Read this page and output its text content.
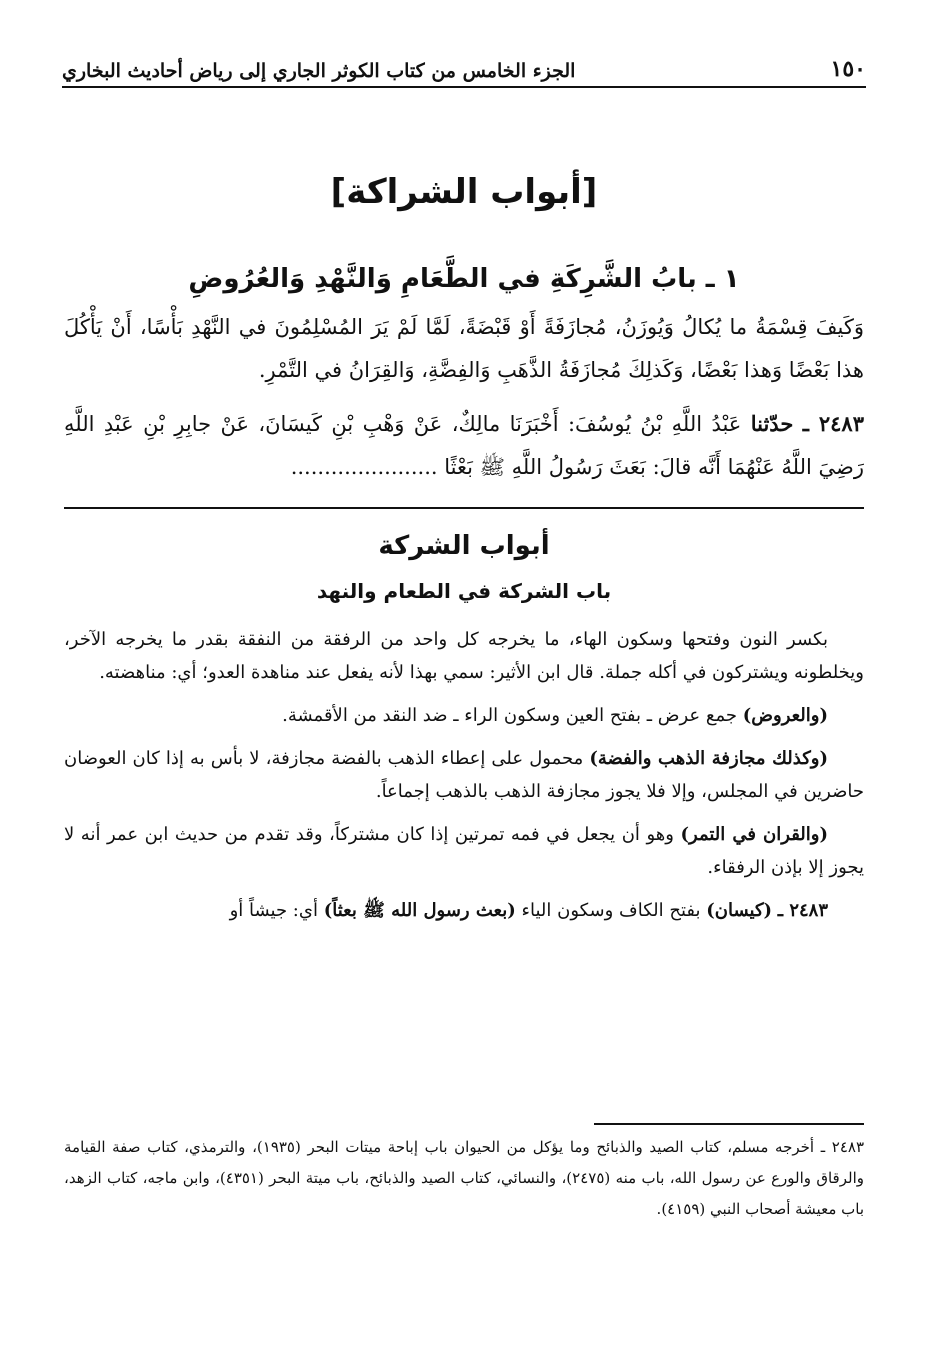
١٥٠
الجزء الخامس من كتاب الكوثر الجاري إلى رياض أحاديث البخاري
[أبواب الشراكة]
١ ـ بابُ الشَّرِكَةِ في الطَّعَامِ وَالنَّهْدِ وَالعُرُوضِ

وَكَيفَ قِسْمَةُ ما يُكالُ وَيُوزَنُ، مُجازَفَةً أَوْ قَبْضَةً، لَمَّا لَمْ يَرَ المُسْلِمُونَ في النَّهْدِ بَأْسًا، أَنْ يَأْكُلَ هذا بَعْضًا وَهذا بَعْضًا، وَكَذلِكَ مُجازَفَةُ الذَّهَبِ وَالفِضَّةِ، وَالقِرَانُ في التَّمْرِ.

٢٤٨٣ ـ حدّثنا عَبْدُ اللَّهِ بْنُ يُوسُفَ: أَخْبَرَنَا مالِكٌ، عَنْ وَهْبِ بْنِ كَيسَانَ، عَنْ جابِرِ بْنِ عَبْدِ اللَّهِ رَضِيَ اللَّهُ عَنْهُمَا أَنَّه قالَ: بَعَثَ رَسُولُ اللَّهِ ﷺ بَعْثًا ......................

أبواب الشركة
باب الشركة في الطعام والنهد

بكسر النون وفتحها وسكون الهاء، ما يخرجه كل واحد من الرفقة من النفقة بقدر ما يخرجه الآخر، ويخلطونه ويشتركون في أكله جملة. قال ابن الأثير: سمي بهذا لأنه يفعل عند مناهدة العدو؛ أي: مناهضته.

(والعروض) جمع عرض ـ بفتح العين وسكون الراء ـ ضد النقد من الأقمشة.

(وكذلك مجازفة الذهب والفضة) محمول على إعطاء الذهب بالفضة مجازفة، لا بأس به إذا كان العوضان حاضرين في المجلس، وإلا فلا يجوز مجازفة الذهب بالذهب إجماعاً.

(والقران في التمر) وهو أن يجعل في فمه تمرتين إذا كان مشتركاً، وقد تقدم من حديث ابن عمر أنه لا يجوز إلا بإذن الرفقاء.

٢٤٨٣ ـ (كيسان) بفتح الكاف وسكون الياء (بعث رسول الله ﷺ بعثاً) أي: جيشاً أو

٢٤٨٣ ـ أخرجه مسلم، كتاب الصيد والذبائح وما يؤكل من الحيوان باب إباحة ميتات البحر (١٩٣٥)، والترمذي، كتاب صفة القيامة والرقاق والورع عن رسول الله، باب منه (٢٤٧٥)، والنسائي، كتاب الصيد والذبائح، باب ميتة البحر (٤٣٥١)، وابن ماجه، كتاب الزهد، باب معيشة أصحاب النبي (٤١٥٩).
